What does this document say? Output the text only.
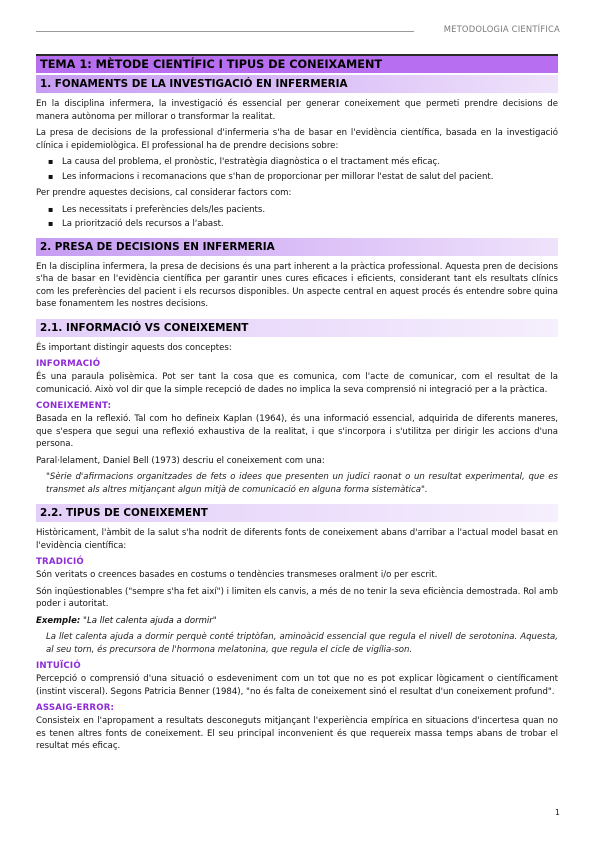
METODOLOGIA CIENTÍFICA
TEMA 1: MÈTODE CIENTÍFIC I TIPUS DE CONEIXAMENT
1. FONAMENTS DE LA INVESTIGACIÓ EN INFERMERIA

En la disciplina infermera, la investigació és essencial per generar coneixement que permeti prendre decisions de manera autònoma per millorar o transformar la realitat.

La presa de decisions de la professional d'infermeria s'ha de basar en l'evidència científica, basada en la investigació clínica i epidemiològica. El professional ha de prendre decisions sobre:

▪ La causa del problema, el pronòstic, l'estratègia diagnòstica o el tractament més eficaç.
▪ Les informacions i recomanacions que s'han de proporcionar per millorar l'estat de salut del pacient.

Per prendre aquestes decisions, cal considerar factors com:

▪ Les necessitats i preferències dels/les pacients.
▪ La priorització dels recursos a l'abast.
2. PRESA DE DECISIONS EN INFERMERIA

En la disciplina infermera, la presa de decisions és una part inherent a la pràctica professional. Aquesta pren de decisions s'ha de basar en l'evidència científica per garantir unes cures eficaces i eficients, considerant tant els resultats clínics com les preferències del pacient i els recursos disponibles. Un aspecte central en aquest procés és entendre sobre quina base fonamentem les nostres decisions.

2.1. INFORMACIÓ VS CONEIXEMENT

És important distingir aquests dos conceptes:

INFORMACIÓ

És una paraula polisèmica. Pot ser tant la cosa que es comunica, com l'acte de comunicar, com el resultat de la comunicació. Això vol dir que la simple recepció de dades no implica la seva comprensió ni integració per a la pràctica.

CONEIXEMENT:

Basada en la reflexió. Tal com ho defineix Kaplan (1964), és una informació essencial, adquirida de diferents maneres, que s'espera que segui una reflexió exhaustiva de la realitat, i que s'incorpora i s'utilitza per dirigir les accions d'una persona.

Paral·lelament, Daniel Bell (1973) descriu el coneixement com una:

"Sèrie d'afirmacions organitzades de fets o idees que presenten un judici raonat o un resultat experimental, que es transmet als altres mitjançant algun mitjà de comunicació en alguna forma sistemàtica".

2.2. TIPUS DE CONEIXEMENT

Històricament, l'àmbit de la salut s'ha nodrit de diferents fonts de coneixement abans d'arribar a l'actual model basat en l'evidència científica:

TRADICIÓ

Són veritats o creences basades en costums o tendències transmeses oralment i/o per escrit.

Són inqüestionables ("sempre s'ha fet així") i limiten els canvis, a més de no tenir la seva eficiència demostrada. Rol amb poder i autoritat.

Exemple: "La llet calenta ajuda a dormir"

La llet calenta ajuda a dormir perquè conté triptòfan, aminoàcid essencial que regula el nivell de serotonina. Aquesta, al seu torn, és precursora de l'hormona melatonina, que regula el cicle de vigília-son.

INTUÏCIÓ

Percepció o comprensió d'una situació o esdeveniment com un tot que no es pot explicar lògicament o científicament (instint visceral). Segons Patricia Benner (1984), "no és falta de coneixement sinó el resultat d'un coneixement profund".

ASSAIG-ERROR:

Consisteix en l'apropament a resultats desconeguts mitjançant l'experiència empírica en situacions d'incertesa quan no es tenen altres fonts de coneixement. El seu principal inconvenient és que requereix massa temps abans de trobar el resultat més eficaç.

1
